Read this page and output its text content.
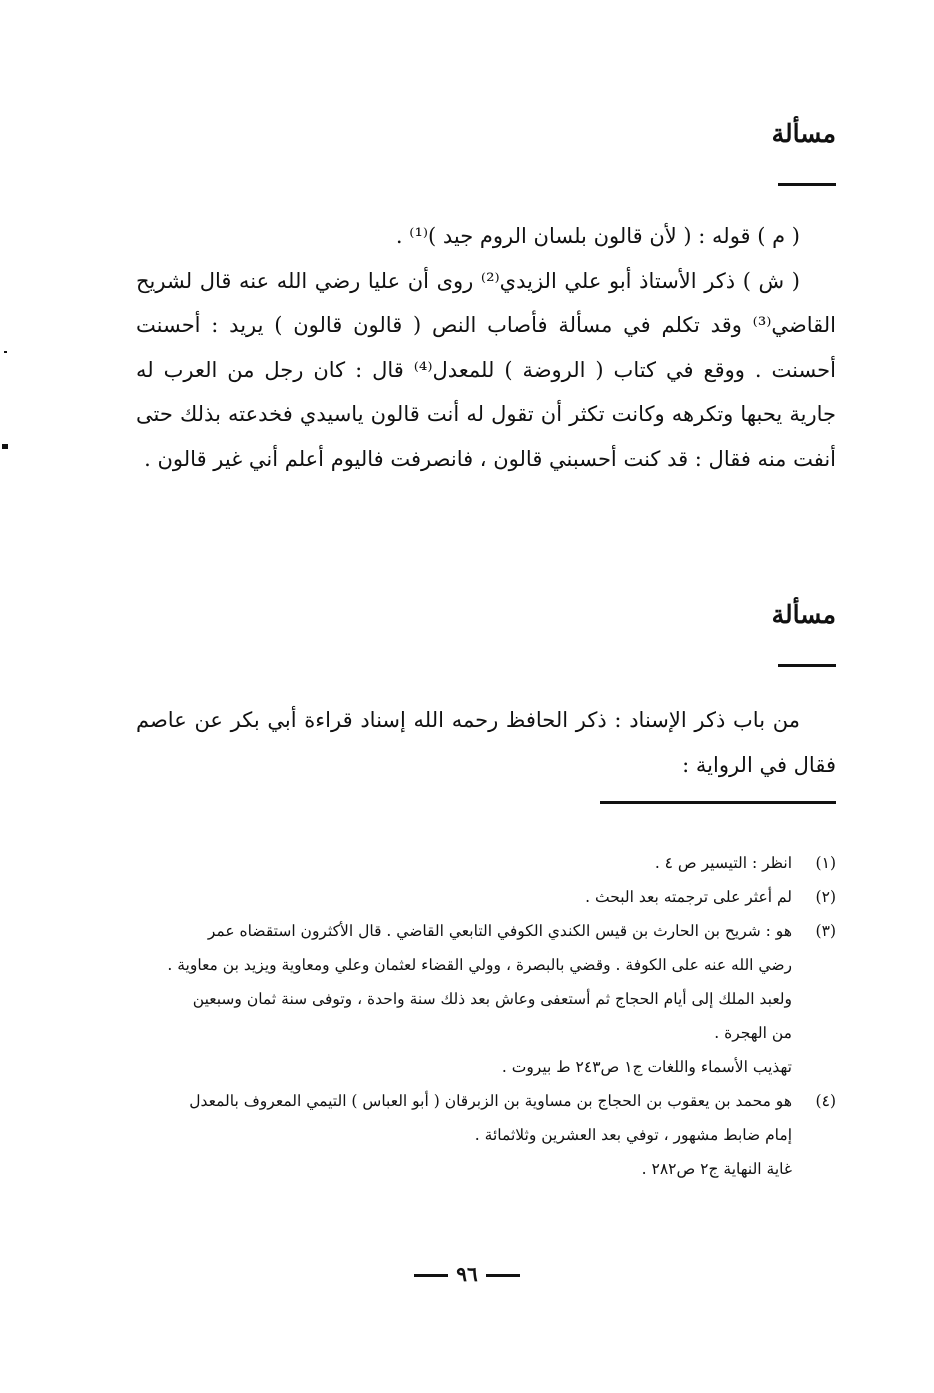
مسألة

( م ) قوله : ( لأن قالون بلسان الروم جيد )⁽¹⁾ .

( ش ) ذكر الأستاذ أبو علي الزيدي⁽²⁾ روى أن عليا رضي الله عنه قال لشريح القاضي⁽³⁾ وقد تكلم في مسألة فأصاب النص ( قالون قالون ) يريد : أحسنت أحسنت . ووقع في كتاب ( الروضة ) للمعدل⁽⁴⁾ قال : كان رجل من العرب له جارية يحبها وتكرهه وكانت تكثر أن تقول له أنت قالون ياسيدي فخدعته بذلك حتى أنفت منه فقال : قد كنت أحسبني قالون ، فانصرفت فاليوم أعلم أني غير قالون .

مسألة

من باب ذكر الإسناد : ذكر الحافظ رحمه الله إسناد قراءة أبي بكر عن عاصم فقال في الرواية :

(١)
انظر : التيسير ص ٤ .
(٢)
لم أعثر على ترجمته بعد البحث .
(٣)
هو : شريح بن الحارث بن قيس الكندي الكوفي التابعي القاضي . قال الأكثرون استقضاه عمر
رضي الله عنه على الكوفة . وقضي بالبصرة ، وولي القضاء لعثمان وعلي ومعاوية ويزيد بن معاوية .
ولعبد الملك إلى أيام الحجاج ثم أستعفى وعاش بعد ذلك سنة واحدة ، وتوفى سنة ثمان وسبعين
من الهجرة .
تهذيب الأسماء واللغات ج١ ص٢٤٣ ط بيروت .
(٤)
هو محمد بن يعقوب بن الحجاج بن مساوية بن الزبرقان ( أبو العباس ) التيمي المعروف بالمعدل
إمام ضابط مشهور ، توفي بعد العشرين وثلاثمائة .
غاية النهاية ج٢ ص٢٨٢ .
٩٦
